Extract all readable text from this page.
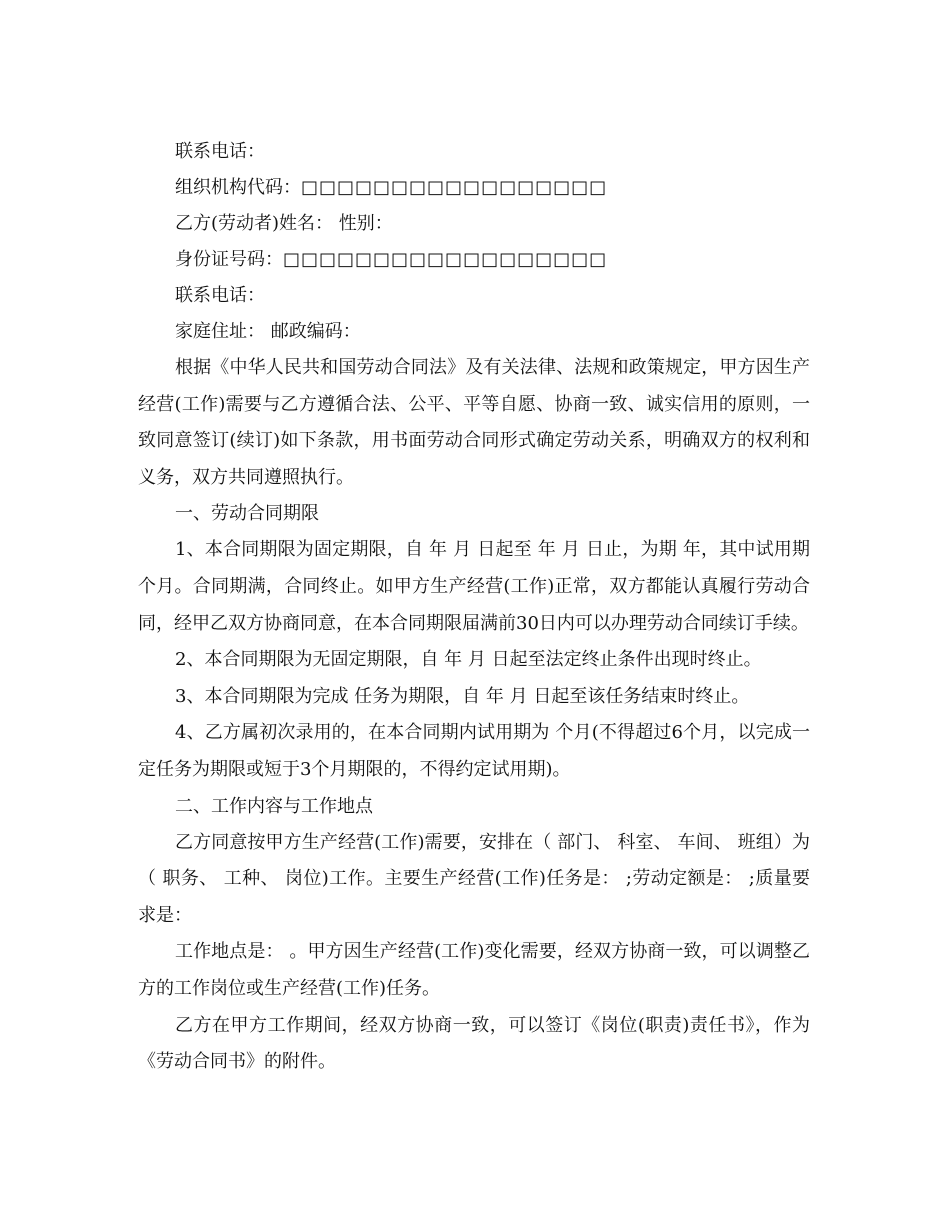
联系电话：

组织机构代码：□□□□□□□□□□□□□□□□□

乙方(劳动者)姓名： 性别：

身份证号码：□□□□□□□□□□□□□□□□□□

联系电话：

家庭住址： 邮政编码：

根据《中华人民共和国劳动合同法》及有关法律、法规和政策规定，甲方因生产经营(工作)需要与乙方遵循合法、公平、平等自愿、协商一致、诚实信用的原则，一致同意签订(续订)如下条款，用书面劳动合同形式确定劳动关系，明确双方的权利和义务，双方共同遵照执行。

一、劳动合同期限

1、本合同期限为固定期限，自 年 月 日起至 年 月 日止，为期 年，其中试用期 个月。合同期满，合同终止。如甲方生产经营(工作)正常，双方都能认真履行劳动合同，经甲乙双方协商同意，在本合同期限届满前30日内可以办理劳动合同续订手续。

2、本合同期限为无固定期限，自 年 月 日起至法定终止条件出现时终止。

3、本合同期限为完成 任务为期限，自 年 月 日起至该任务结束时终止。

4、乙方属初次录用的，在本合同期内试用期为 个月(不得超过6个月，以完成一定任务为期限或短于3个月期限的，不得约定试用期)。

二、工作内容与工作地点

乙方同意按甲方生产经营(工作)需要，安排在（ 部门、 科室、 车间、 班组）为（ 职务、 工种、 岗位)工作。主要生产经营(工作)任务是： ;劳动定额是： ;质量要求是：

工作地点是： 。甲方因生产经营(工作)变化需要，经双方协商一致，可以调整乙方的工作岗位或生产经营(工作)任务。

乙方在甲方工作期间，经双方协商一致，可以签订《岗位(职责)责任书》，作为《劳动合同书》的附件。
